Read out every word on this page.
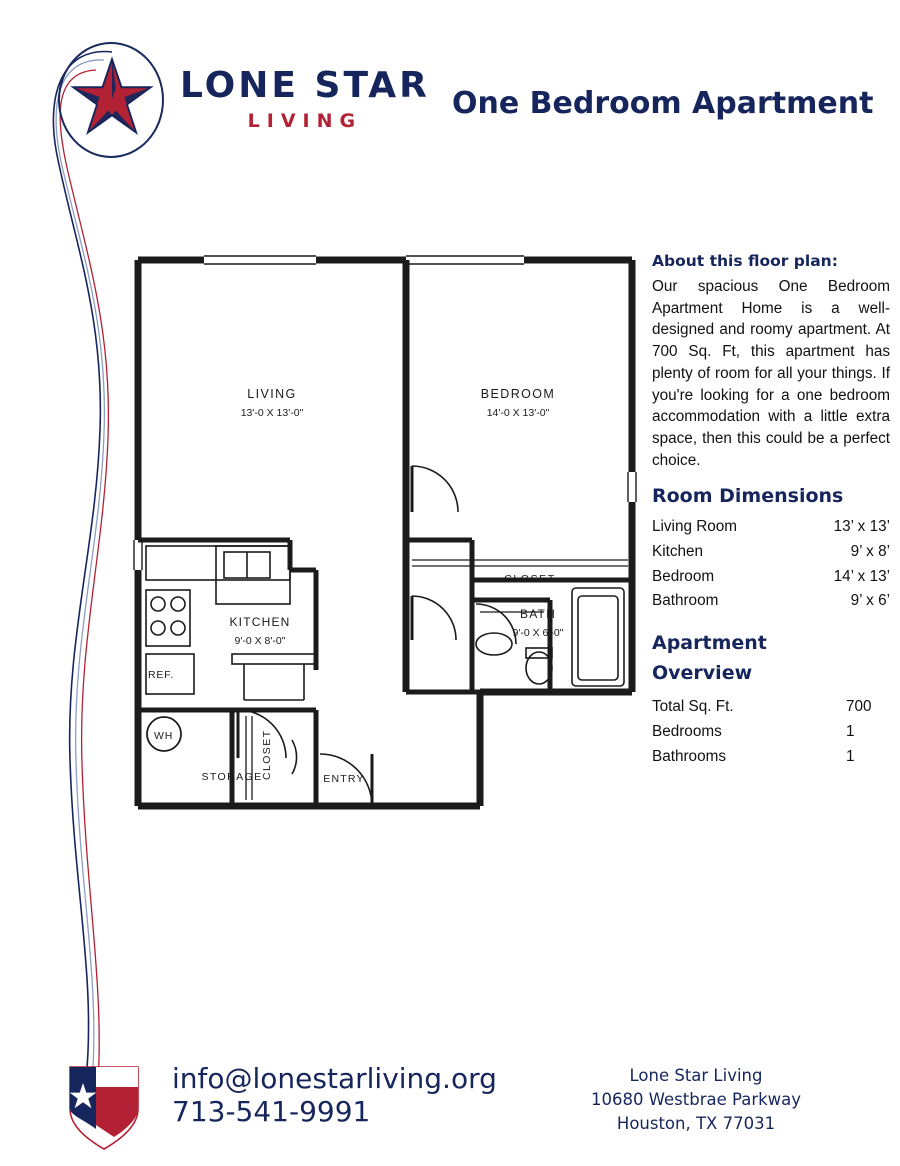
LONE STAR
LIVING	One Bedroom Apartment
LIVING
13'-0 X 13'-0"
BEDROOM
14'-0 X 13'-0"
KITCHEN
9'-0 X 8'-0"
BATH
9'-0 X 6'-0"
CLOSET
STORAGE	ENTRY
REF.
WH	CLOSET
About this floor plan:

Our spacious One Bedroom Apartment Home is a well-designed and roomy apartment. At 700 Sq. Ft, this apartment has plenty of room for all your things. If you're looking for a one bedroom accommodation with a little extra space, then this could be a perfect choice.

Room Dimensions
Living Room	13’ x 13’
Kitchen	9’ x 8’
Bedroom	14’ x 13’
Bathroom	9’ x 6’
Apartment
Overview
Total Sq. Ft.	700
Bedrooms	1
Bathrooms	1
info@lonestarliving.org
713-541-9991
Lone Star Living
10680 Westbrae Parkway
Houston, TX 77031
